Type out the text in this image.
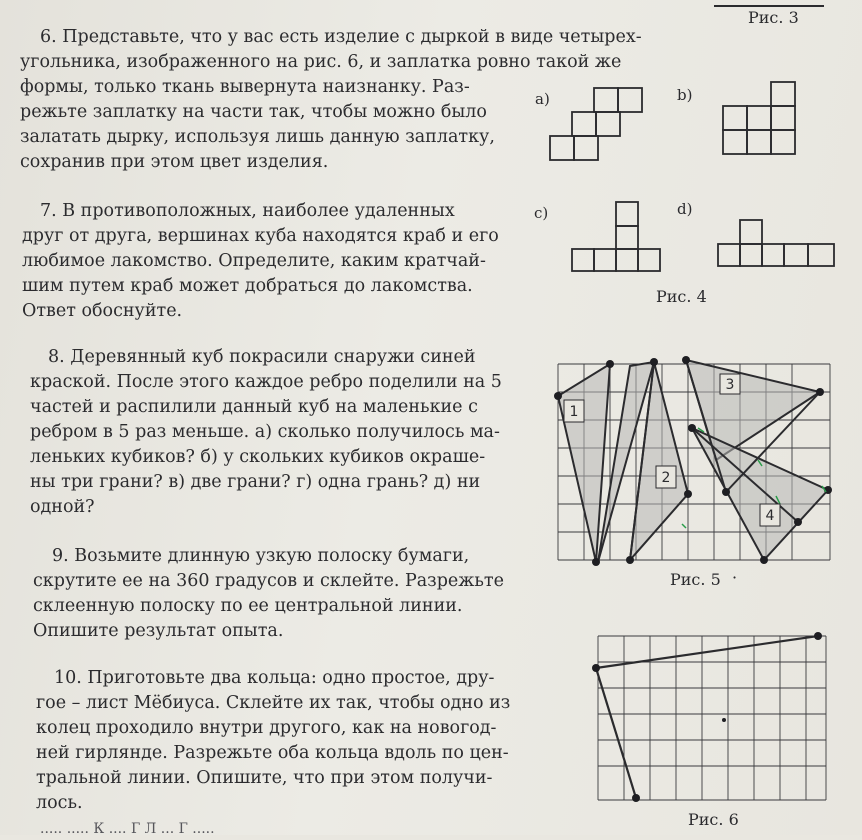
Рис. 3
6. Представьте, что у вас есть изделие с дыркой в виде четырех-
угольника, изображенного на рис. 6, и заплатка ровно такой же
формы, только ткань вывернута наизнанку. Раз-
режьте заплатку на части так, чтобы можно было
залатать дырку, используя лишь данную заплатку,
сохранив при этом цвет изделия.
7. В противоположных, наиболее удаленных
друг от друга, вершинах куба находятся краб и его
любимое лакомство. Определите, каким кратчай-
шим путем краб может добраться до лакомства.
Ответ обоснуйте.
8. Деревянный куб покрасили снаружи синей
краской. После этого каждое ребро поделили на 5
частей и распилили данный куб на маленькие с
ребром в 5 раз меньше. а) сколько получилось ма-
леньких кубиков? б) у скольких кубиков окраше-
ны три грани? в) две грани? г) одна грань? д) ни
одной?
9. Возьмите длинную узкую полоску бумаги,
скрутите ее на 360 градусов и склейте. Разрежьте
склеенную полоску по ее центральной линии.
Опишите результат опыта.
10. Приготовьте два кольца: одно простое, дру-
гое – лист Мёбиуса. Склейте их так, чтобы одно из
колец проходило внутри другого, как на новогод-
ней гирлянде. Разрежьте оба кольца вдоль по цен-
тральной линии. Опишите, что при этом получи-
лось.
..... ..... К .... Г Л ... Г .....
a)	b)
c)	d)
Рис. 4
1
2
3
4
Рис. 5 ·
Рис. 6
